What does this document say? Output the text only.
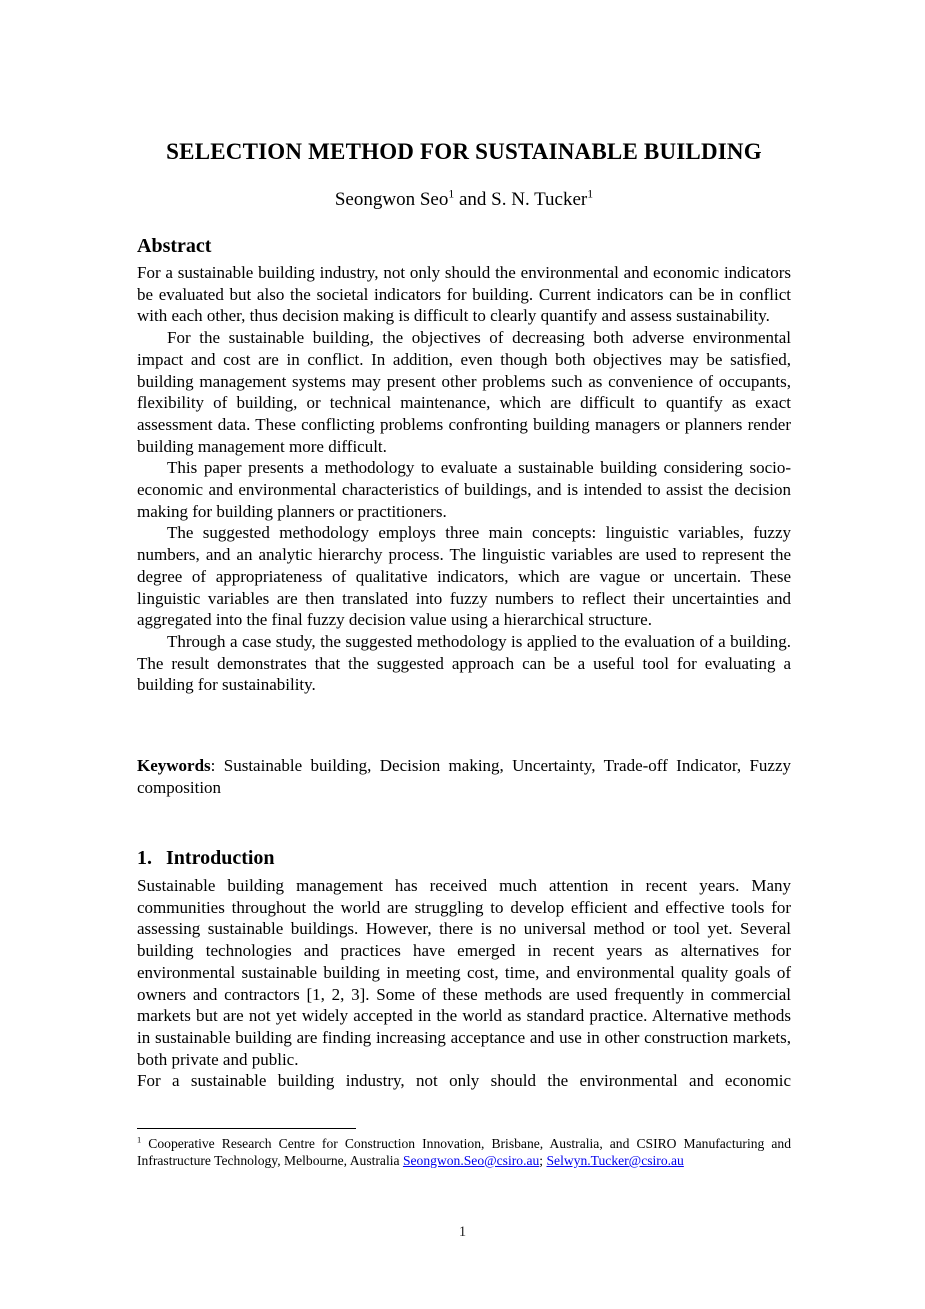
SELECTION METHOD FOR SUSTAINABLE BUILDING
Seongwon Seo$^1$ and S. N. Tucker$^1$
Abstract

For a sustainable building industry, not only should the environmental and economic indicators be evaluated but also the societal indicators for building. Current indicators can be in conflict with each other, thus decision making is difficult to clearly quantify and assess sustainability.

For the sustainable building, the objectives of decreasing both adverse environmental impact and cost are in conflict. In addition, even though both objectives may be satisfied, building management systems may present other problems such as convenience of occupants, flexibility of building, or technical maintenance, which are difficult to quantify as exact assessment data. These conflicting problems confronting building managers or planners render building management more difficult.

This paper presents a methodology to evaluate a sustainable building considering socio-economic and environmental characteristics of buildings, and is intended to assist the decision making for building planners or practitioners.

The suggested methodology employs three main concepts: linguistic variables, fuzzy numbers, and an analytic hierarchy process. The linguistic variables are used to represent the degree of appropriateness of qualitative indicators, which are vague or uncertain. These linguistic variables are then translated into fuzzy numbers to reflect their uncertainties and aggregated into the final fuzzy decision value using a hierarchical structure.

Through a case study, the suggested methodology is applied to the evaluation of a building. The result demonstrates that the suggested approach can be a useful tool for evaluating a building for sustainability.

Keywords: Sustainable building, Decision making, Uncertainty, Trade-off Indicator, Fuzzy composition

1. Introduction

Sustainable building management has received much attention in recent years. Many communities throughout the world are struggling to develop efficient and effective tools for assessing sustainable buildings. However, there is no universal method or tool yet. Several building technologies and practices have emerged in recent years as alternatives for environmental sustainable building in meeting cost, time, and environmental quality goals of owners and contractors [1, 2, 3]. Some of these methods are used frequently in commercial markets but are not yet widely accepted in the world as standard practice. Alternative methods in sustainable building are finding increasing acceptance and use in other construction markets, both private and public.

For a sustainable building industry, not only should the environmental and economic

$^1$ Cooperative Research Centre for Construction Innovation, Brisbane, Australia, and CSIRO Manufacturing and Infrastructure Technology, Melbourne, Australia Seongwon.Seo@csiro.au; Selwyn.Tucker@csiro.au

1
